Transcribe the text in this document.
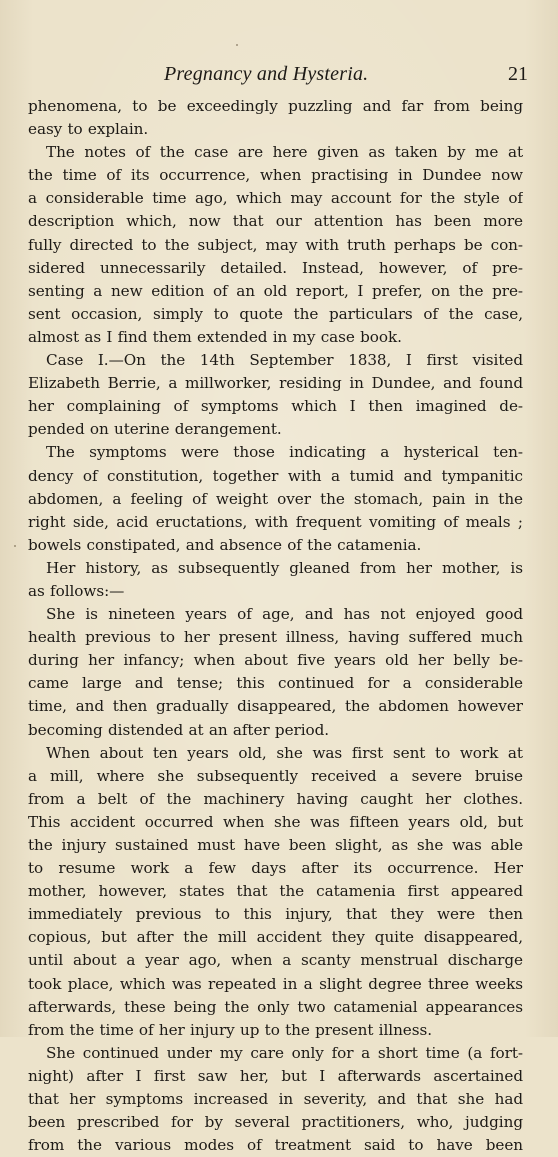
Pregnancy and Hysteria.	21
phenomena, to be exceedingly puzzling and far from being
easy to explain.
The notes of the case are here given as taken by me at
the time of its occurrence, when practising in Dundee now
a considerable time ago, which may account for the style of
description which, now that our attention has been more
fully directed to the subject, may with truth perhaps be con-
sidered unnecessarily detailed. Instead, however, of pre-
senting a new edition of an old report, I prefer, on the pre-
sent occasion, simply to quote the particulars of the case,
almost as I find them extended in my case book.
Case I.—On the 14th September 1838, I first visited
Elizabeth Berrie, a millworker, residing in Dundee, and found
her complaining of symptoms which I then imagined de-
pended on uterine derangement.
The symptoms were those indicating a hysterical ten-
dency of constitution, together with a tumid and tympanitic
abdomen, a feeling of weight over the stomach, pain in the
right side, acid eructations, with frequent vomiting of meals ;
bowels constipated, and absence of the catamenia.
Her history, as subsequently gleaned from her mother, is
as follows:—
She is nineteen years of age, and has not enjoyed good
health previous to her present illness, having suffered much
during her infancy; when about five years old her belly be-
came large and tense; this continued for a considerable
time, and then gradually disappeared, the abdomen however
becoming distended at an after period.
When about ten years old, she was first sent to work at
a mill, where she subsequently received a severe bruise
from a belt of the machinery having caught her clothes.
This accident occurred when she was fifteen years old, but
the injury sustained must have been slight, as she was able
to resume work a few days after its occurrence. Her
mother, however, states that the catamenia first appeared
immediately previous to this injury, that they were then
copious, but after the mill accident they quite disappeared,
until about a year ago, when a scanty menstrual discharge
took place, which was repeated in a slight degree three weeks
afterwards, these being the only two catamenial appearances
from the time of her injury up to the present illness.
She continued under my care only for a short time (a fort-
night) after I first saw her, but I afterwards ascertained
that her symptoms increased in severity, and that she had
been prescribed for by several practitioners, who, judging
from the various modes of treatment said to have been
